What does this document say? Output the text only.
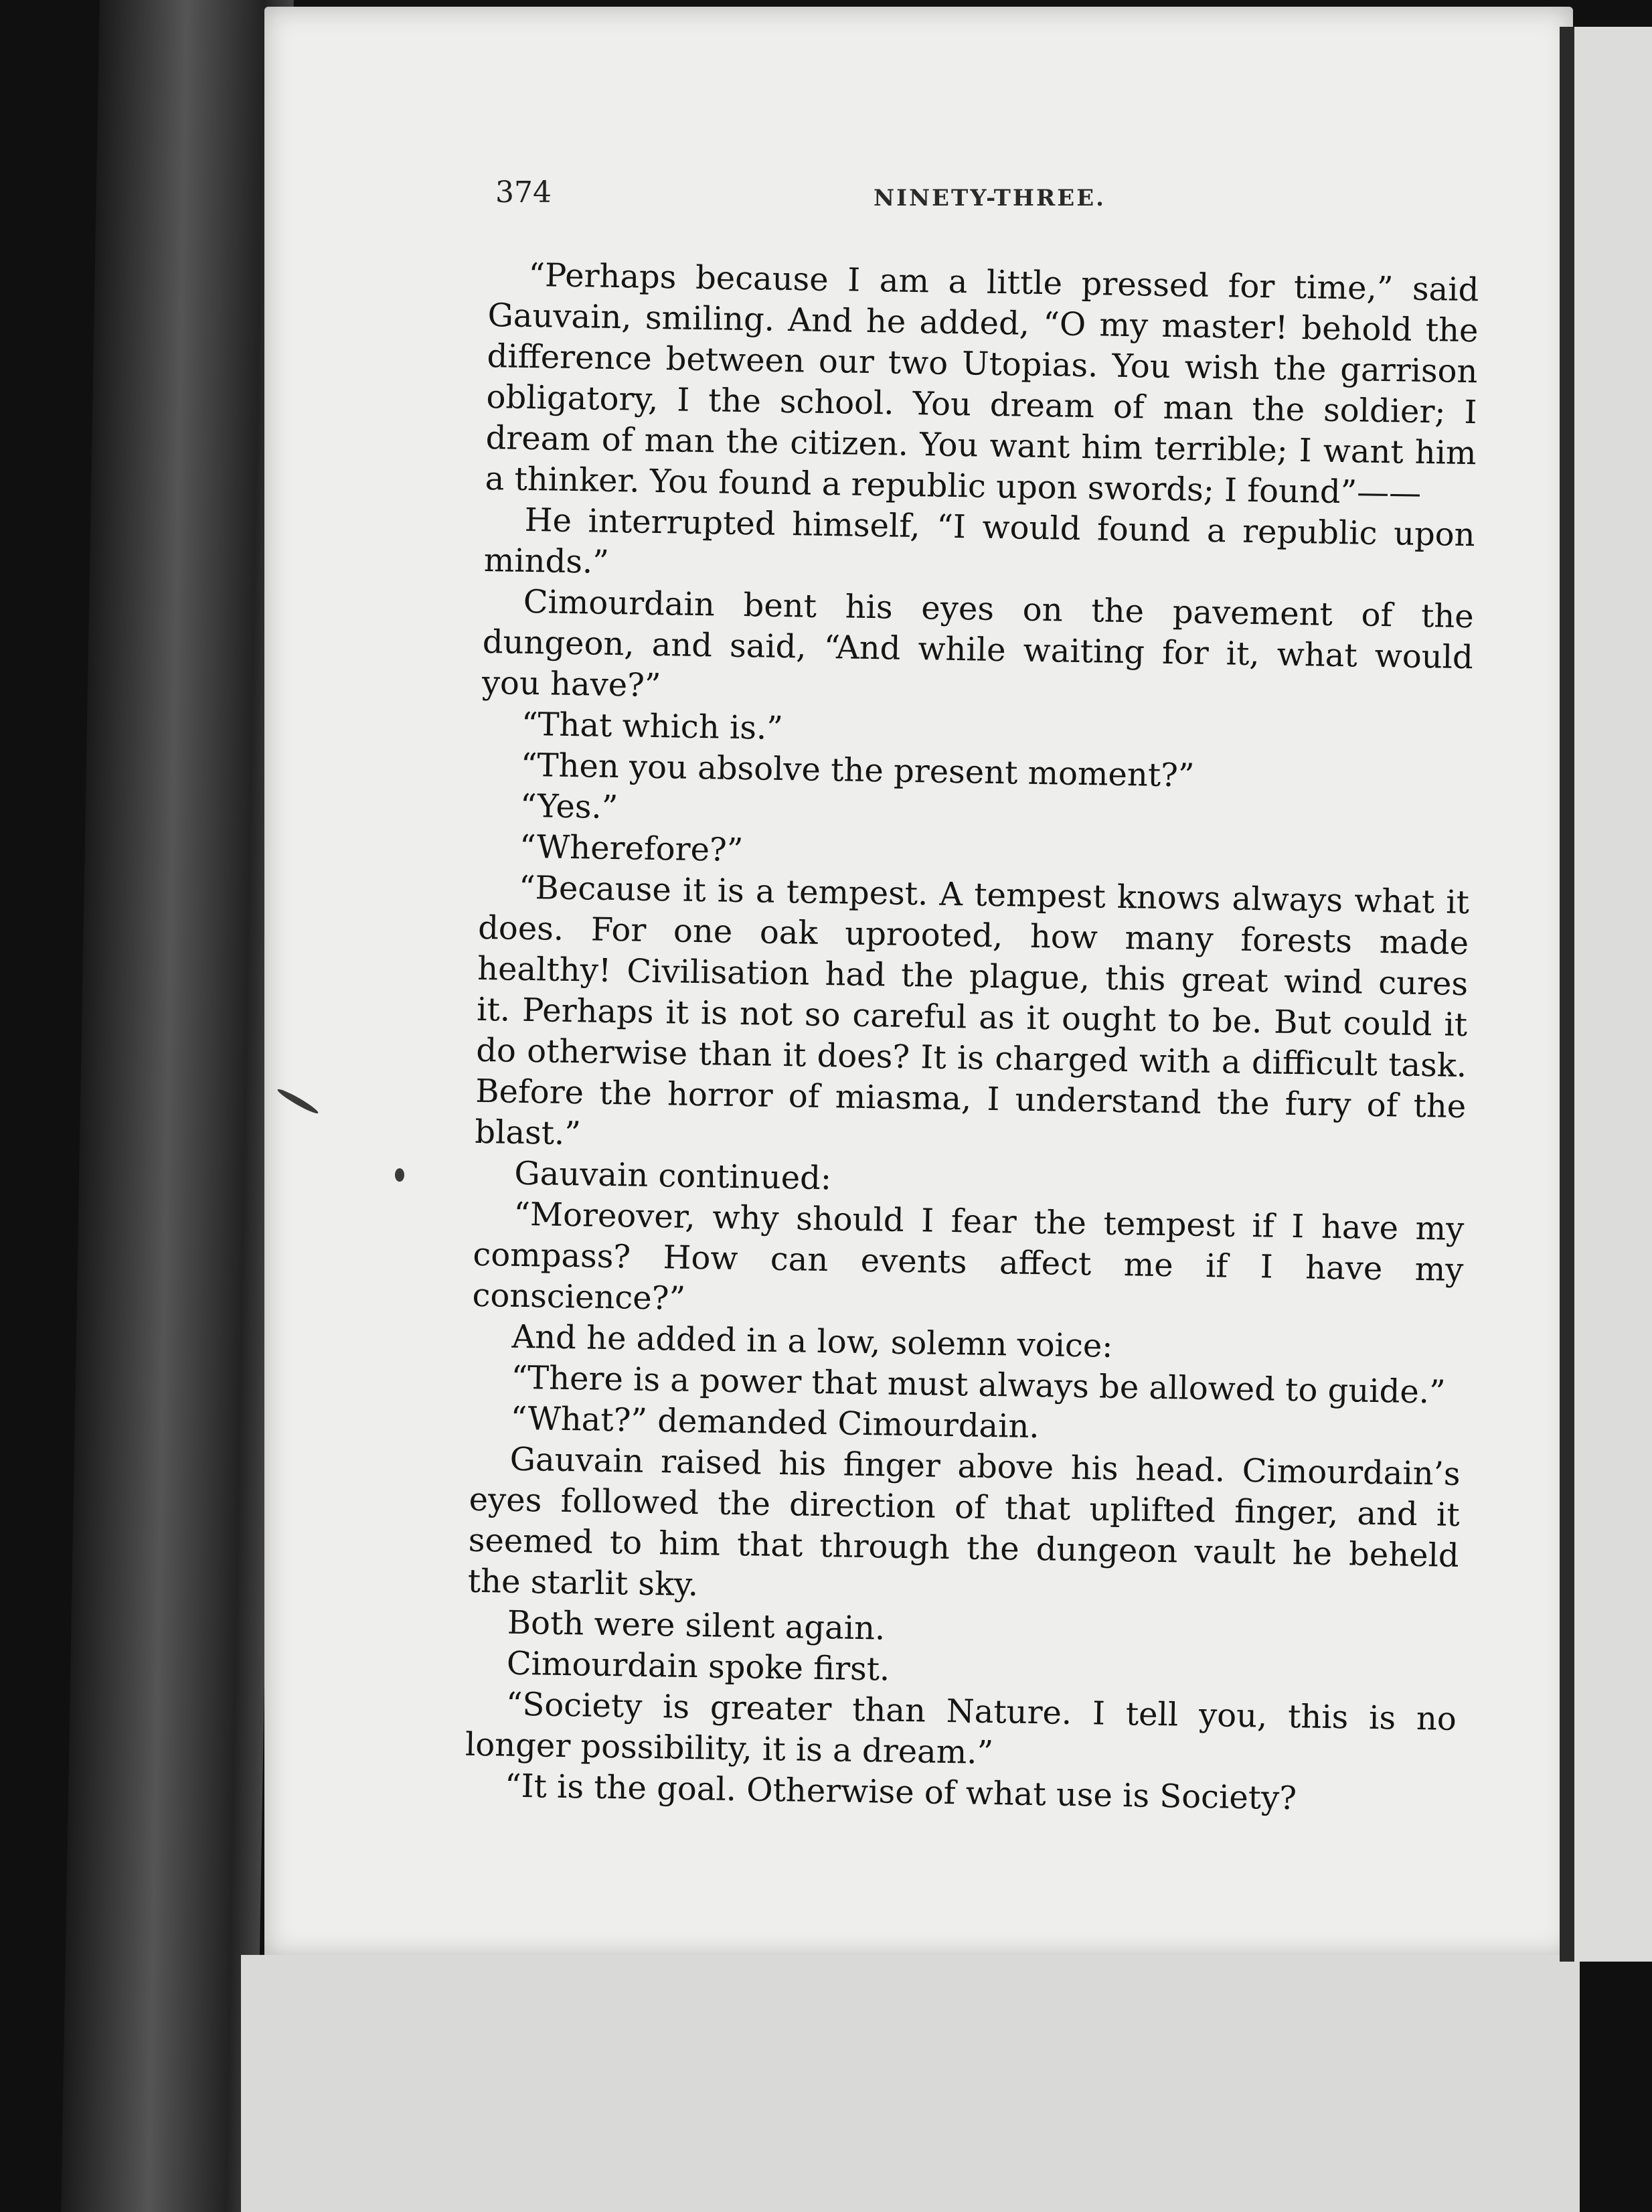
374	NINETY-THREE.

“Perhaps because I am a little pressed for time,” said Gauvain, smiling. And he added, “O my master! behold the difference between our two Utopias. You wish the garrison obligatory, I the school. You dream of man the soldier; I dream of man the citizen. You want him terrible; I want him a thinker. You found a republic upon swords; I found”——

He interrupted himself, “I would found a republic upon minds.”

Cimourdain bent his eyes on the pavement of the dungeon, and said, “And while waiting for it, what would you have?”

“That which is.”

“Then you absolve the present moment?”

“Yes.”

“Wherefore?”

“Because it is a tempest. A tempest knows always what it does. For one oak uprooted, how many forests made healthy! Civilisation had the plague, this great wind cures it. Perhaps it is not so careful as it ought to be. But could it do otherwise than it does? It is charged with a difficult task. Before the horror of miasma, I understand the fury of the blast.”

Gauvain continued:

“Moreover, why should I fear the tempest if I have my compass? How can events affect me if I have my conscience?”

And he added in a low, solemn voice:

“There is a power that must always be allowed to guide.”

“What?” demanded Cimourdain.

Gauvain raised his finger above his head. Cimourdain’s eyes followed the direction of that uplifted finger, and it seemed to him that through the dungeon vault he beheld the starlit sky.

Both were silent again.

Cimourdain spoke first.

“Society is greater than Nature. I tell you, this is no longer possibility, it is a dream.”

“It is the goal. Otherwise of what use is Society?
